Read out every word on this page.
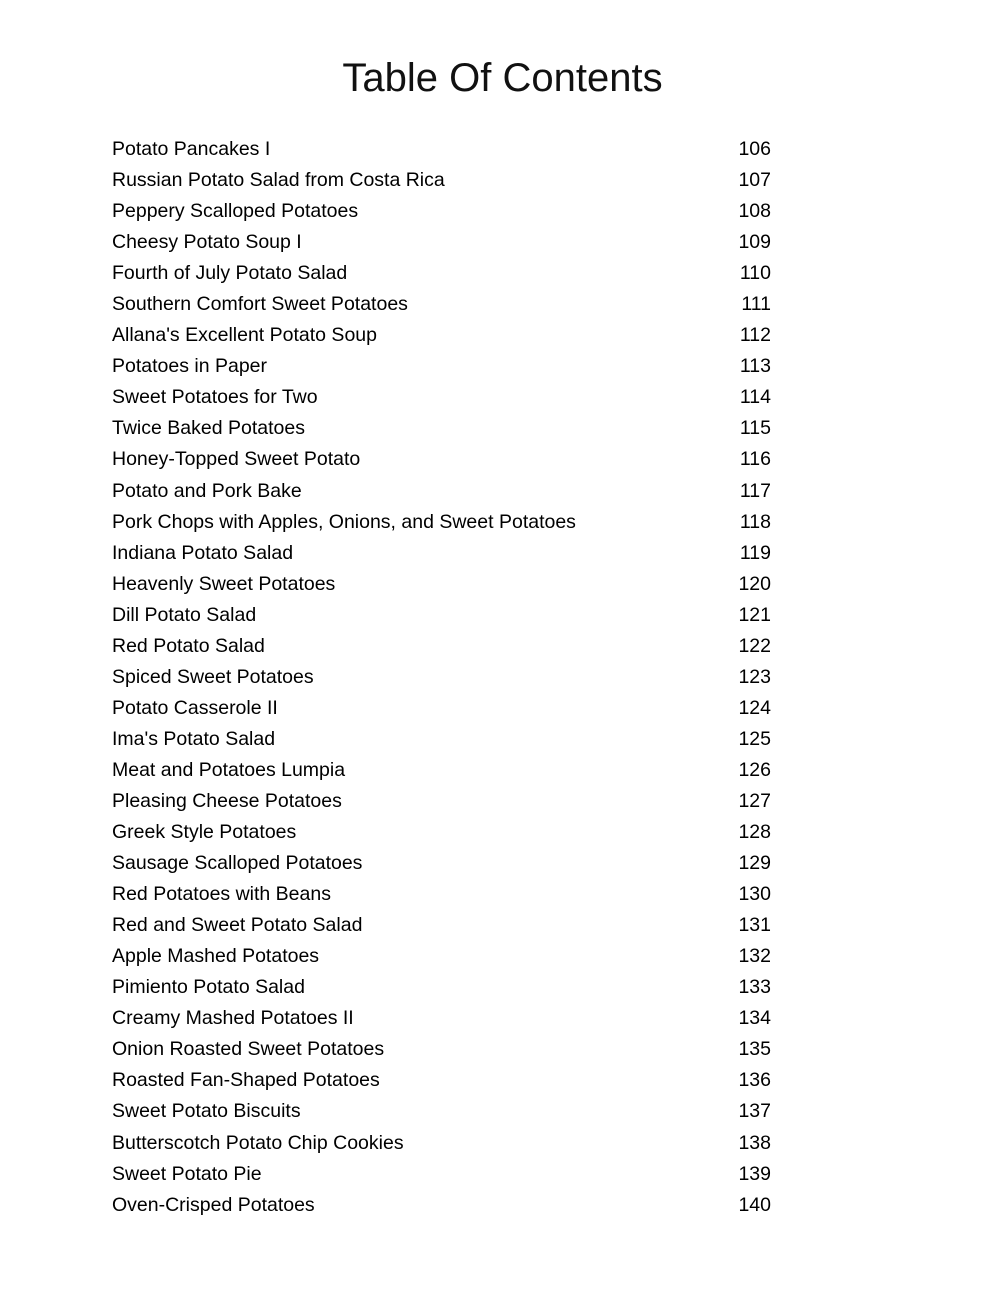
Table Of Contents
Potato Pancakes I	106
Russian Potato Salad from Costa Rica	107
Peppery Scalloped Potatoes	108
Cheesy Potato Soup I	109
Fourth of July Potato Salad	110
Southern Comfort Sweet Potatoes	111
Allana's Excellent Potato Soup	112
Potatoes in Paper	113
Sweet Potatoes for Two	114
Twice Baked Potatoes	115
Honey-Topped Sweet Potato	116
Potato and Pork Bake	117
Pork Chops with Apples, Onions, and Sweet Potatoes	118
Indiana Potato Salad	119
Heavenly Sweet Potatoes	120
Dill Potato Salad	121
Red Potato Salad	122
Spiced Sweet Potatoes	123
Potato Casserole II	124
Ima's Potato Salad	125
Meat and Potatoes Lumpia	126
Pleasing Cheese Potatoes	127
Greek Style Potatoes	128
Sausage Scalloped Potatoes	129
Red Potatoes with Beans	130
Red and Sweet Potato Salad	131
Apple Mashed Potatoes	132
Pimiento Potato Salad	133
Creamy Mashed Potatoes II	134
Onion Roasted Sweet Potatoes	135
Roasted Fan-Shaped Potatoes	136
Sweet Potato Biscuits	137
Butterscotch Potato Chip Cookies	138
Sweet Potato Pie	139
Oven-Crisped Potatoes	140
